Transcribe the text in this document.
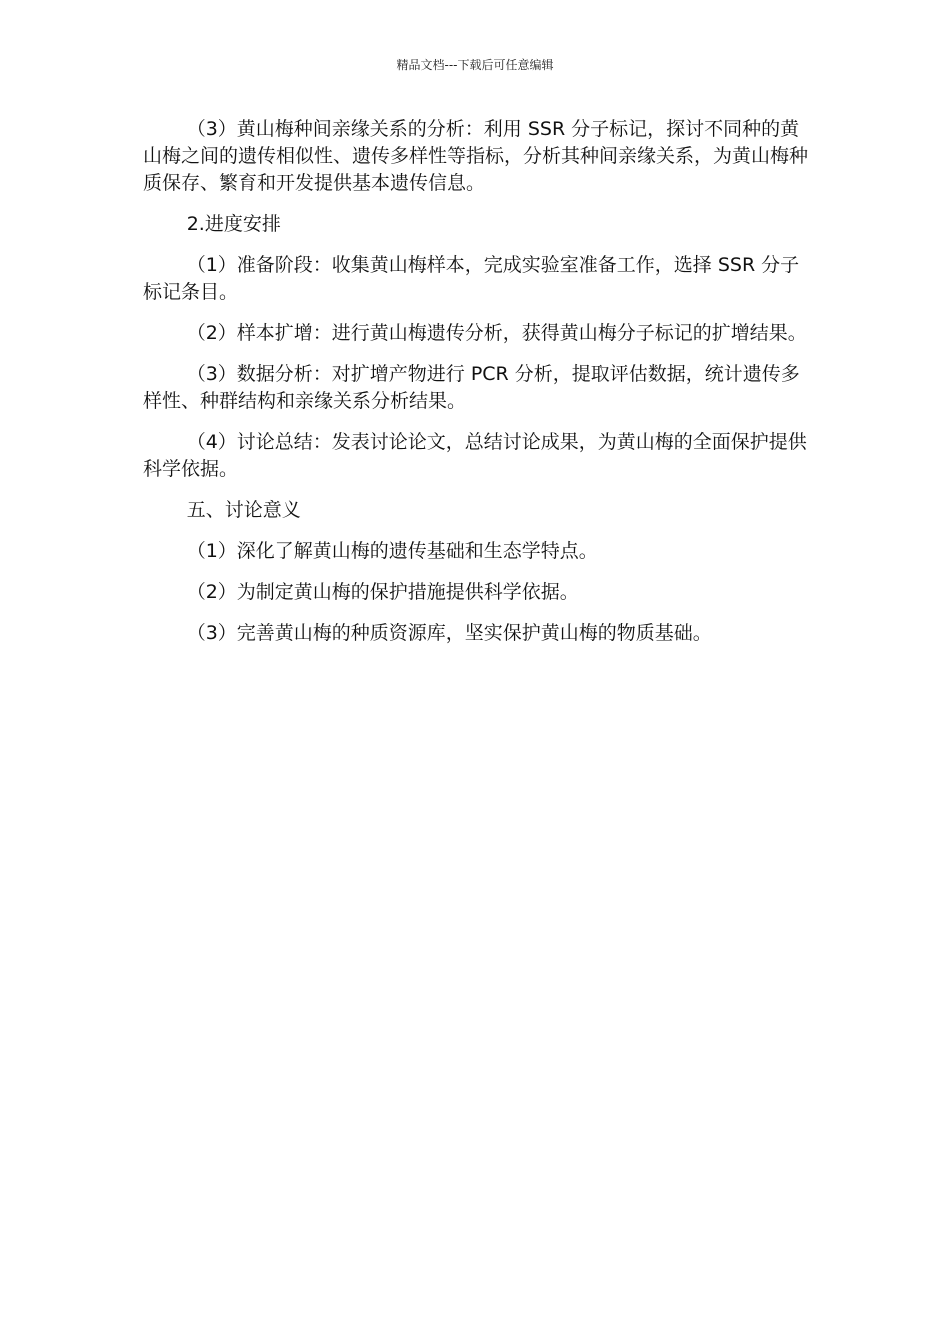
精品文档---下载后可任意编辑

（3）黄山梅种间亲缘关系的分析：利用 SSR 分子标记，探讨不同种的黄山梅之间的遗传相似性、遗传多样性等指标，分析其种间亲缘关系，为黄山梅种质保存、繁育和开发提供基本遗传信息。

2.进度安排

（1）准备阶段：收集黄山梅样本，完成实验室准备工作，选择 SSR 分子标记条目。

（2）样本扩增：进行黄山梅遗传分析，获得黄山梅分子标记的扩增结果。

（3）数据分析：对扩增产物进行 PCR 分析，提取评估数据，统计遗传多样性、种群结构和亲缘关系分析结果。

（4）讨论总结：发表讨论论文，总结讨论成果，为黄山梅的全面保护提供科学依据。

五、讨论意义

（1）深化了解黄山梅的遗传基础和生态学特点。

（2）为制定黄山梅的保护措施提供科学依据。

（3）完善黄山梅的种质资源库，坚实保护黄山梅的物质基础。
